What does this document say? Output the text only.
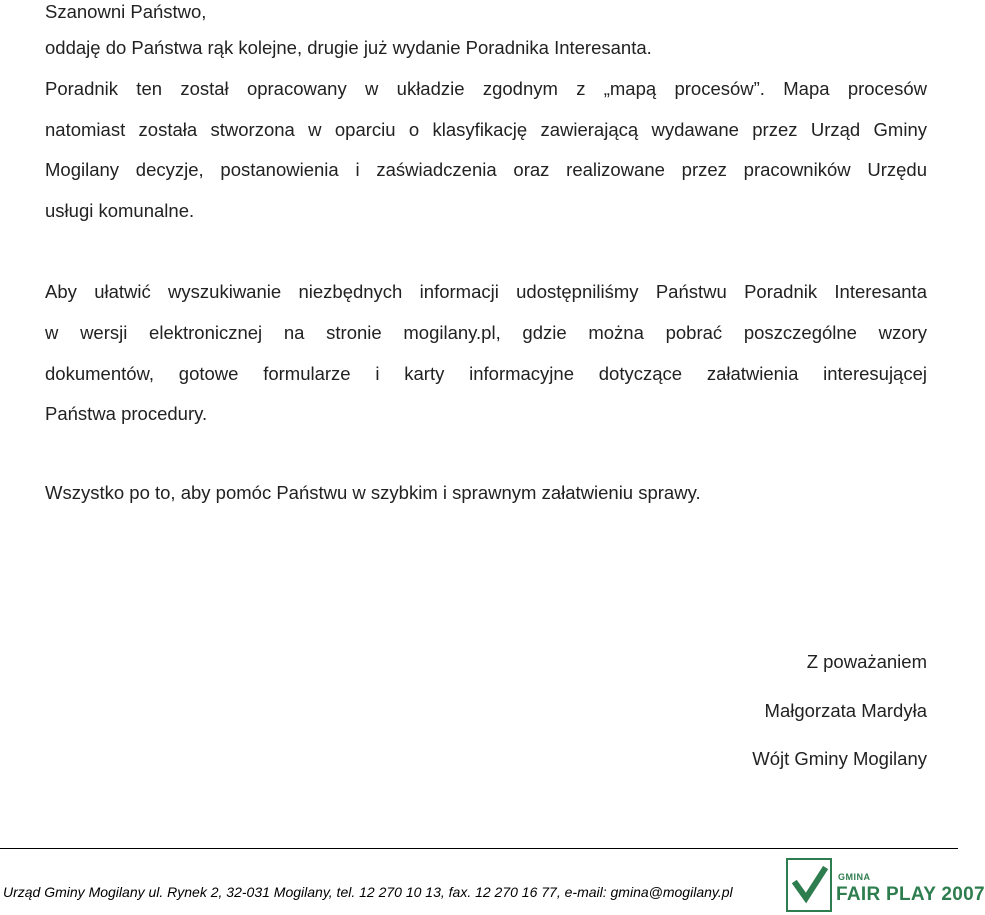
Szanowni Państwo,
oddaję do Państwa rąk kolejne, drugie już wydanie Poradnika Interesanta.
Poradnik ten został opracowany w układzie zgodnym z „mapą procesów”. Mapa procesów
natomiast została stworzona w oparciu o klasyfikację zawierającą wydawane przez Urząd Gminy
Mogilany decyzje, postanowienia i zaświadczenia oraz realizowane przez pracowników Urzędu
usługi komunalne.
Aby ułatwić wyszukiwanie niezbędnych informacji udostępniliśmy Państwu Poradnik Interesanta
w wersji elektronicznej na stronie mogilany.pl, gdzie można pobrać poszczególne wzory
dokumentów, gotowe formularze i karty informacyjne dotyczące załatwienia interesującej
Państwa procedury.
Wszystko po to, aby pomóc Państwu w szybkim i sprawnym załatwieniu sprawy.
Z poważaniem
Małgorzata Mardyła
Wójt Gminy Mogilany
Urząd Gminy Mogilany ul. Rynek 2, 32-031 Mogilany, tel. 12 270 10 13, fax. 12 270 16 77, e-mail: gmina@mogilany.pl
GMINA
FAIR PLAY 2007
